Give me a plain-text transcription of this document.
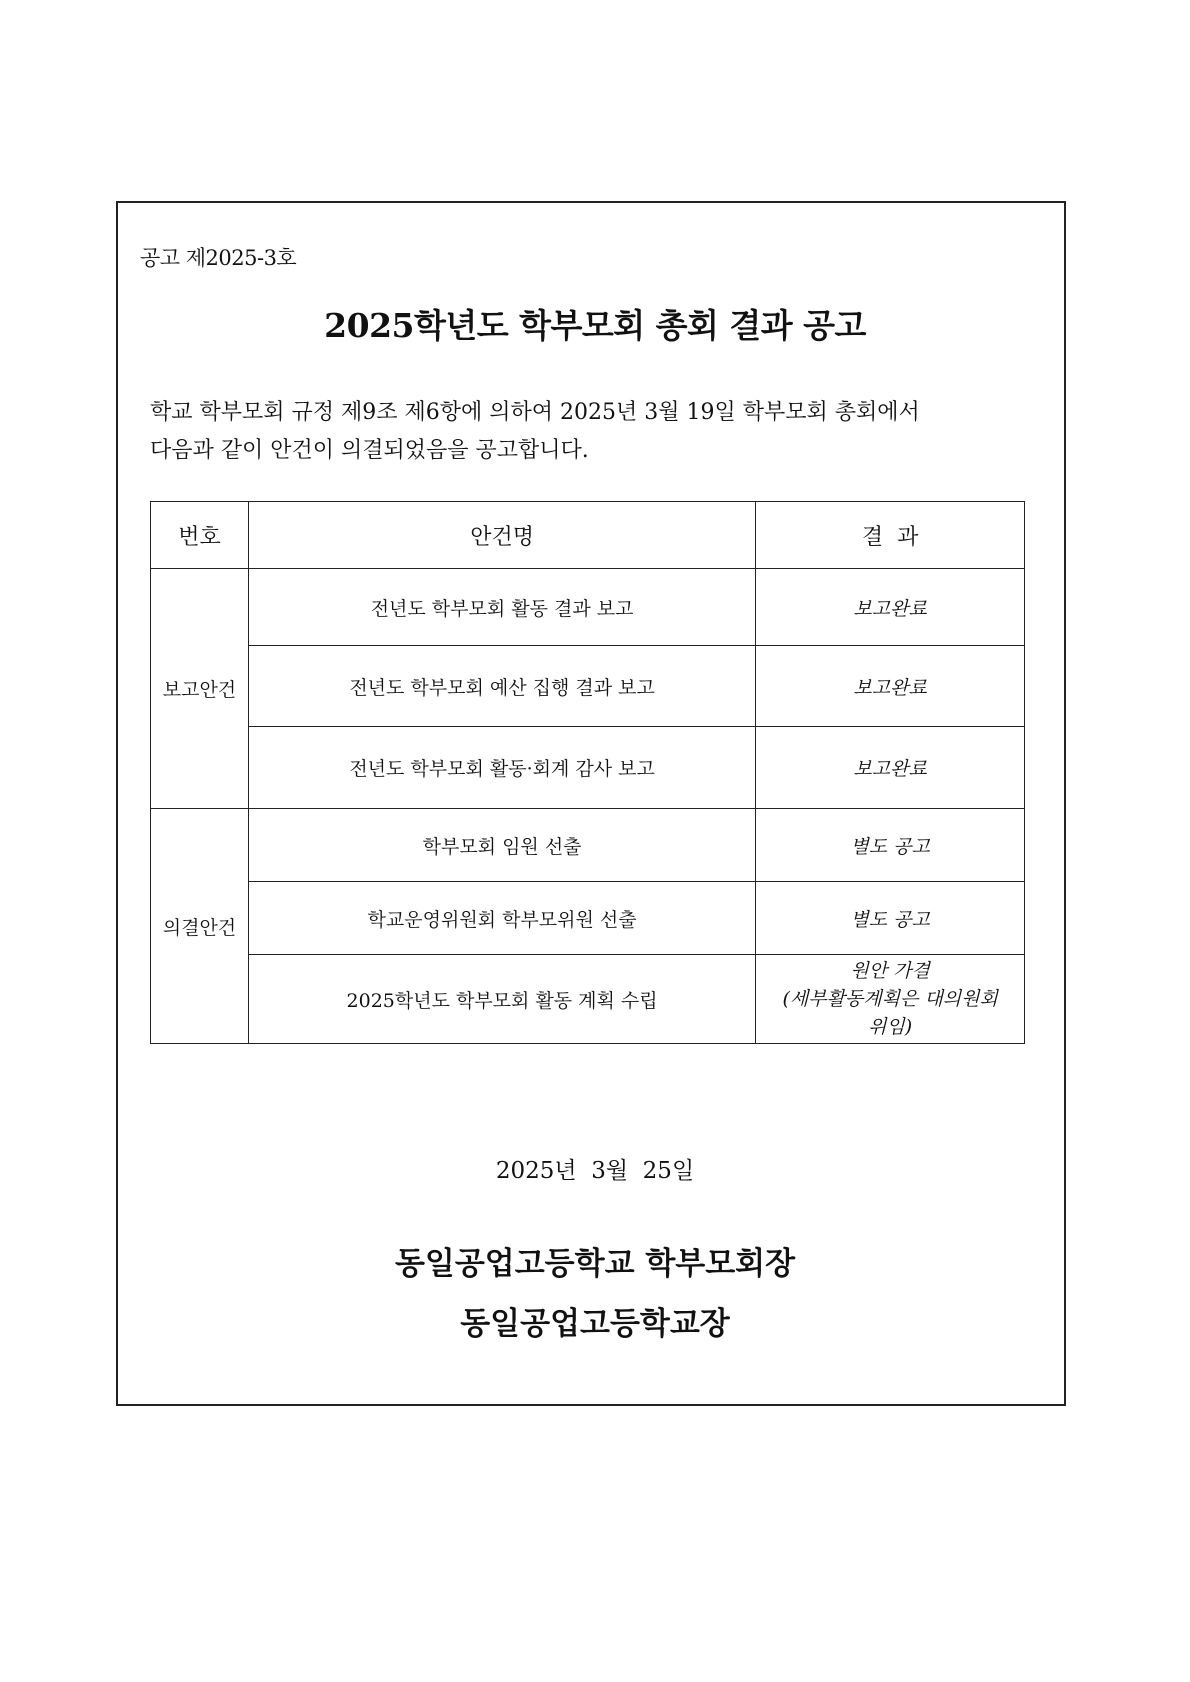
공고 제2025-3호
2025학년도 학부모회 총회 결과 공고
학교 학부모회 규정 제9조 제6항에 의하여 2025년 3월 19일 학부모회 총회에서
다음과 같이 안건이 의결되었음을 공고합니다.
번호	안건명	결  과
보고안건	전년도 학부모회 활동 결과 보고	보고완료
	전년도 학부모회 예산 집행 결과 보고	보고완료
	전년도 학부모회 활동·회계 감사 보고	보고완료
의결안건	학부모회 임원 선출	별도 공고
	학교운영위원회 학부모위원 선출	별도 공고
	2025학년도 학부모회 활동 계획 수립	원안 가결
(세부활동계획은 대의원회
위임)
2025년  3월  25일
동일공업고등학교 학부모회장
동일공업고등학교장
